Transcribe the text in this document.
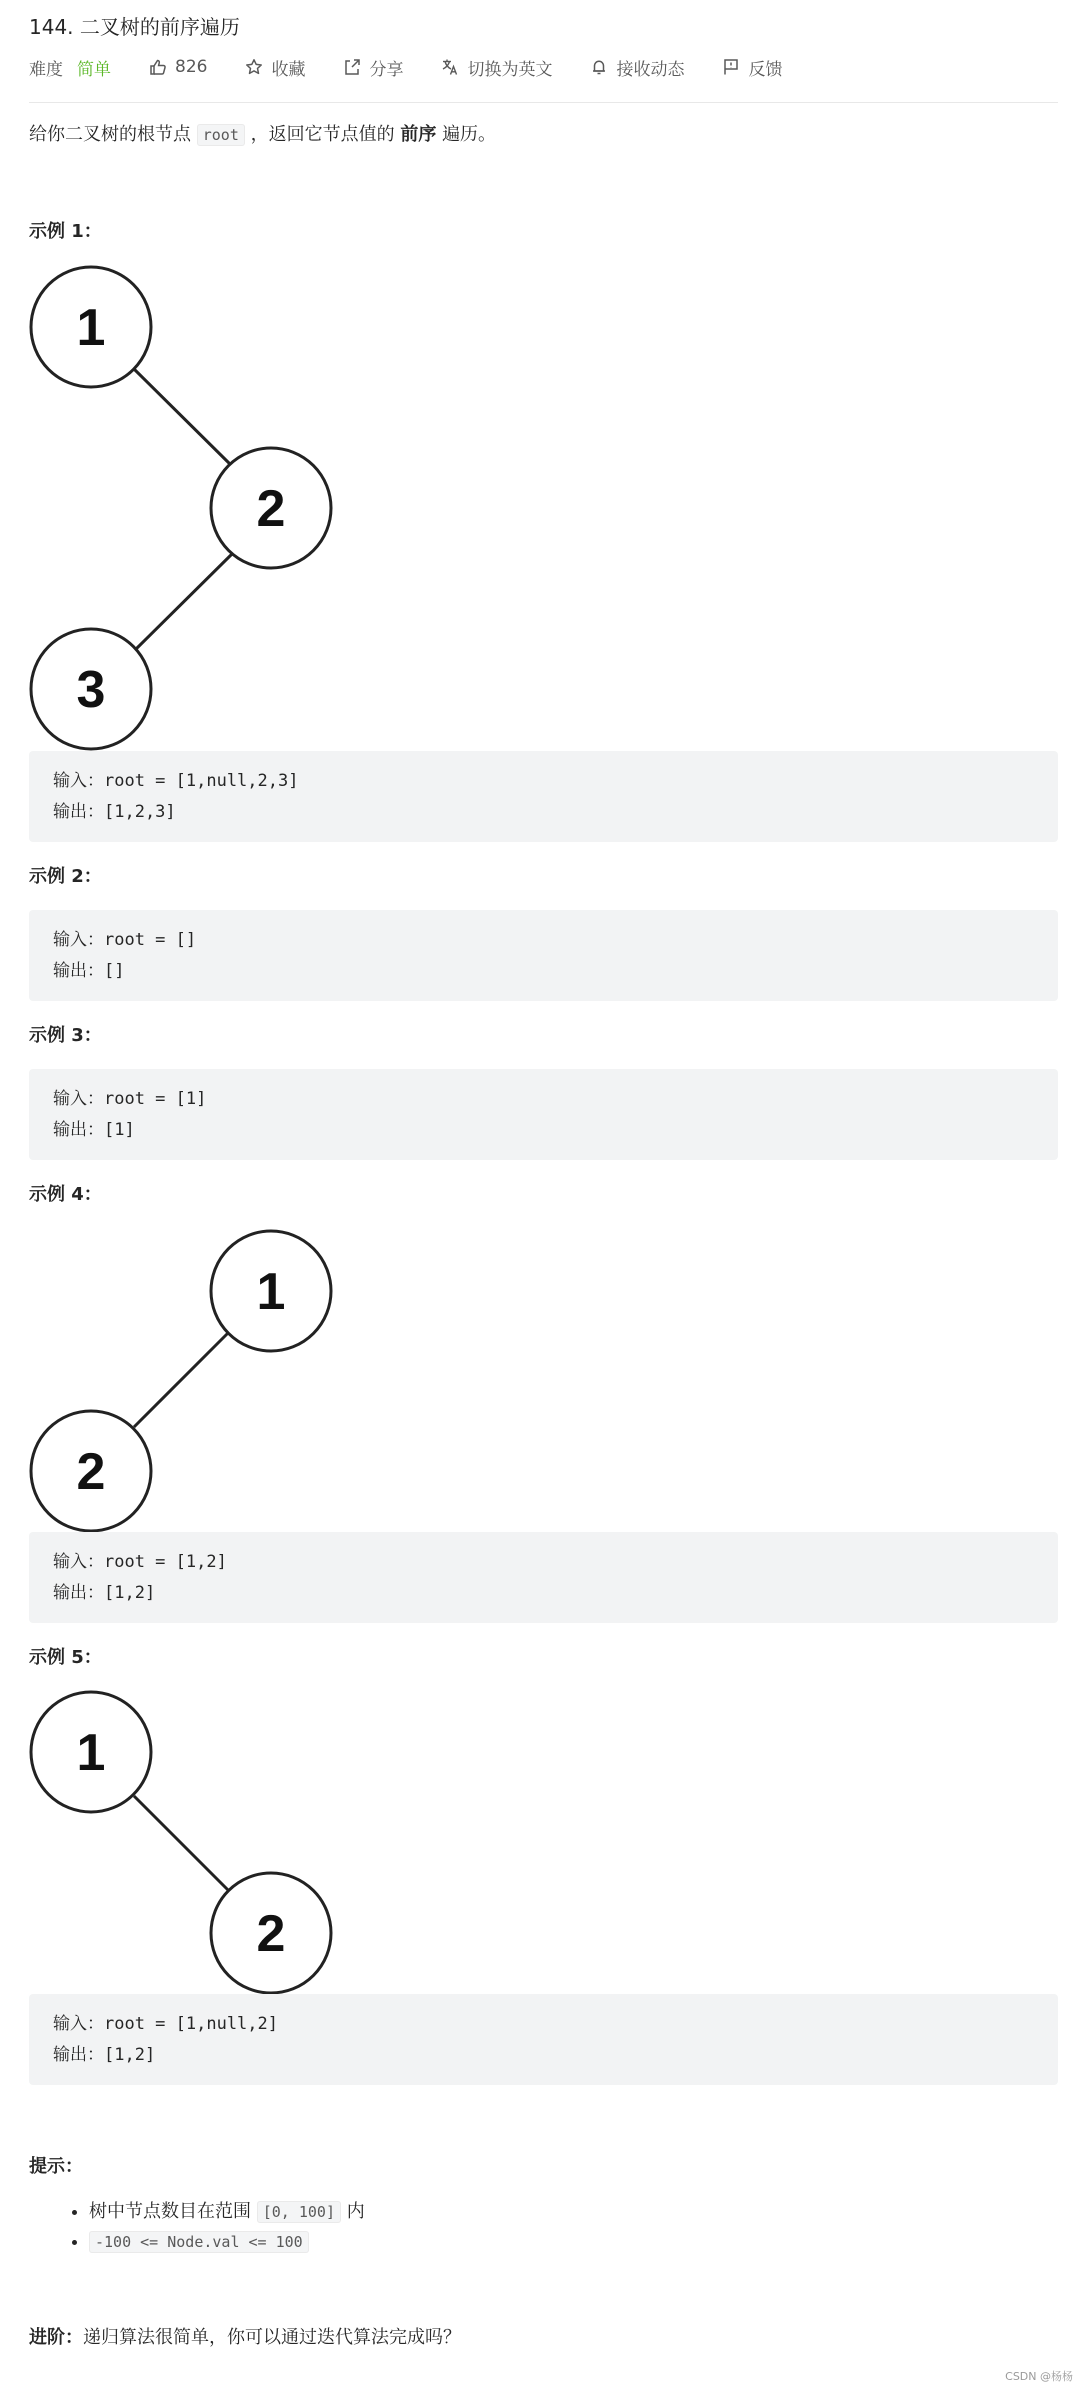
144. 二叉树的前序遍历
难度 简单	826	收藏	分享	切换为英文	接收动态	反馈
给你二叉树的根节点 root ，返回它节点值的 前序 遍历。
示例 1：
1
2
3
输入：root = [1,null,2,3]
输出：[1,2,3]
示例 2：
输入：root = []
输出：[]
示例 3：
输入：root = [1]
输出：[1]
示例 4：
1
2
输入：root = [1,2]
输出：[1,2]
示例 5：
1
2
输入：root = [1,null,2]
输出：[1,2]
提示：
• 树中节点数目在范围 [0, 100] 内
• -100 <= Node.val <= 100
进阶：递归算法很简单，你可以通过迭代算法完成吗？
CSDN @杨杨
